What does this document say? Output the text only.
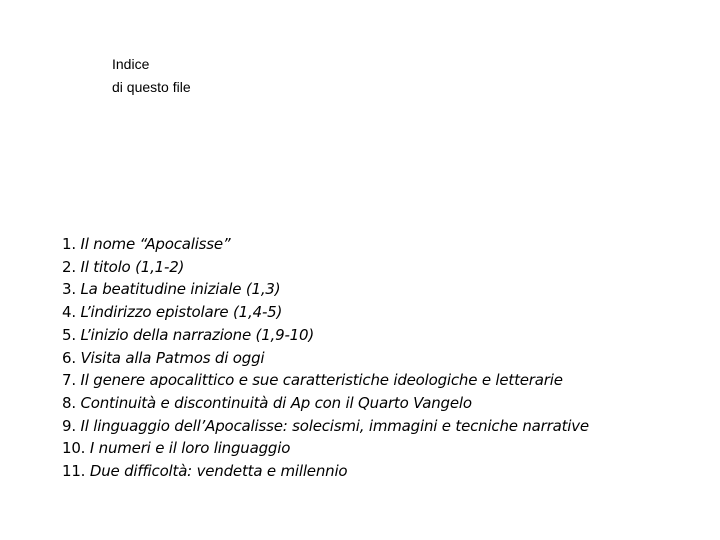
Indice
di questo file
1. Il nome “Apocalisse”
2. Il titolo (1,1-2)
3. La beatitudine iniziale (1,3)
4. L’indirizzo epistolare (1,4-5)
5. L’inizio della narrazione (1,9-10)
6. Visita alla Patmos di oggi
7. Il genere apocalittico e sue caratteristiche ideologiche e letterarie
8. Continuità e discontinuità di Ap con il Quarto Vangelo
9. Il linguaggio dell’Apocalisse: solecismi, immagini e tecniche narrative
10. I numeri e il loro linguaggio
11. Due difficoltà: vendetta e millennio
